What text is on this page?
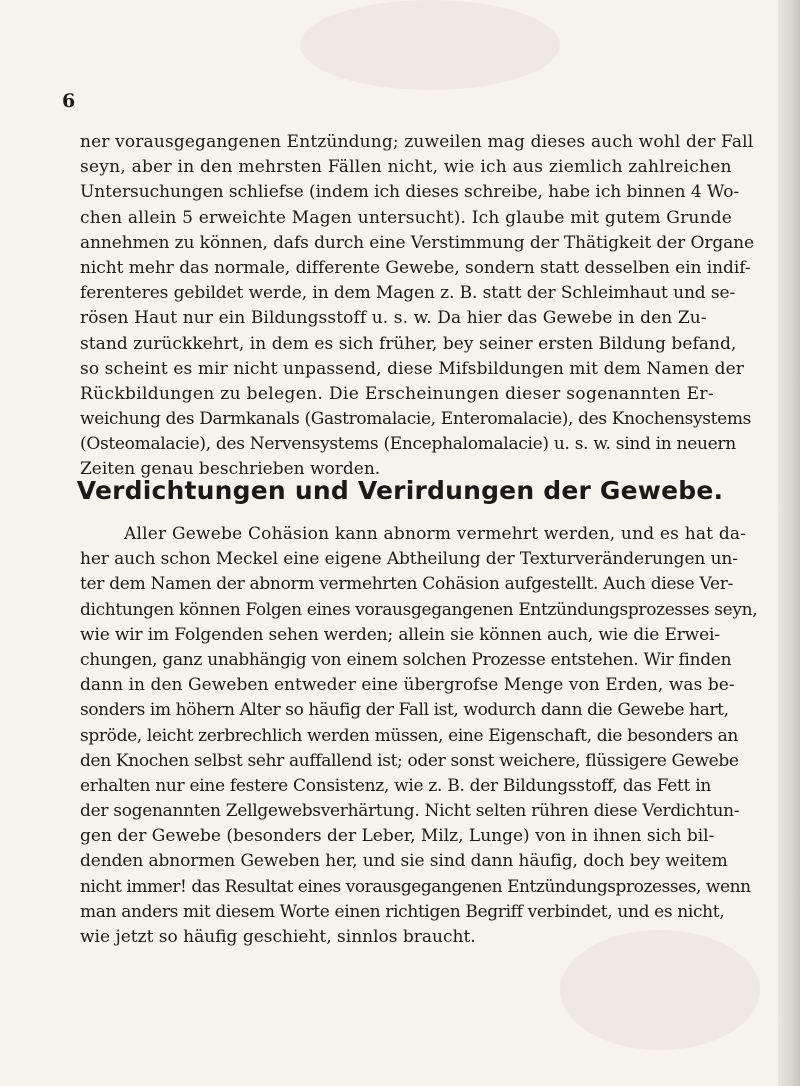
6
ner vorausgegangenen Entzündung; zuweilen mag dieses auch wohl der Fall
seyn, aber in den mehrsten Fällen nicht, wie ich aus ziemlich zahlreichen
Untersuchungen schliefse (indem ich dieses schreibe, habe ich binnen 4 Wo-
chen allein 5 erweichte Magen untersucht). Ich glaube mit gutem Grunde
annehmen zu können, dafs durch eine Verstimmung der Thätigkeit der Organe
nicht mehr das normale, differente Gewebe, sondern statt desselben ein indif-
ferenteres gebildet werde, in dem Magen z. B. statt der Schleimhaut und se-
rösen Haut nur ein Bildungsstoff u. s. w. Da hier das Gewebe in den Zu-
stand zurückkehrt, in dem es sich früher, bey seiner ersten Bildung befand,
so scheint es mir nicht unpassend, diese Mifsbildungen mit dem Namen der
Rückbildungen zu belegen. Die Erscheinungen dieser sogenannten Er-
weichung des Darmkanals (Gastromalacie, Enteromalacie), des Knochensystems
(Osteomalacie), des Nervensystems (Encephalomalacie) u. s. w. sind in neuern
Zeiten genau beschrieben worden.
Verdichtungen und Verirdungen der Gewebe.
Aller Gewebe Cohäsion kann abnorm vermehrt werden, und es hat da-
her auch schon Meckel eine eigene Abtheilung der Texturveränderungen un-
ter dem Namen der abnorm vermehrten Cohäsion aufgestellt. Auch diese Ver-
dichtungen können Folgen eines vorausgegangenen Entzündungsprozesses seyn,
wie wir im Folgenden sehen werden; allein sie können auch, wie die Erwei-
chungen, ganz unabhängig von einem solchen Prozesse entstehen. Wir finden
dann in den Geweben entweder eine übergrofse Menge von Erden, was be-
sonders im höhern Alter so häufig der Fall ist, wodurch dann die Gewebe hart,
spröde, leicht zerbrechlich werden müssen, eine Eigenschaft, die besonders an
den Knochen selbst sehr auffallend ist; oder sonst weichere, flüssigere Gewebe
erhalten nur eine festere Consistenz, wie z. B. der Bildungsstoff, das Fett in
der sogenannten Zellgewebsverhärtung. Nicht selten rühren diese Verdichtun-
gen der Gewebe (besonders der Leber, Milz, Lunge) von in ihnen sich bil-
denden abnormen Geweben her, und sie sind dann häufig, doch bey weitem
nicht immer! das Resultat eines vorausgegangenen Entzündungsprozesses, wenn
man anders mit diesem Worte einen richtigen Begriff verbindet, und es nicht,
wie jetzt so häufig geschieht, sinnlos braucht.
